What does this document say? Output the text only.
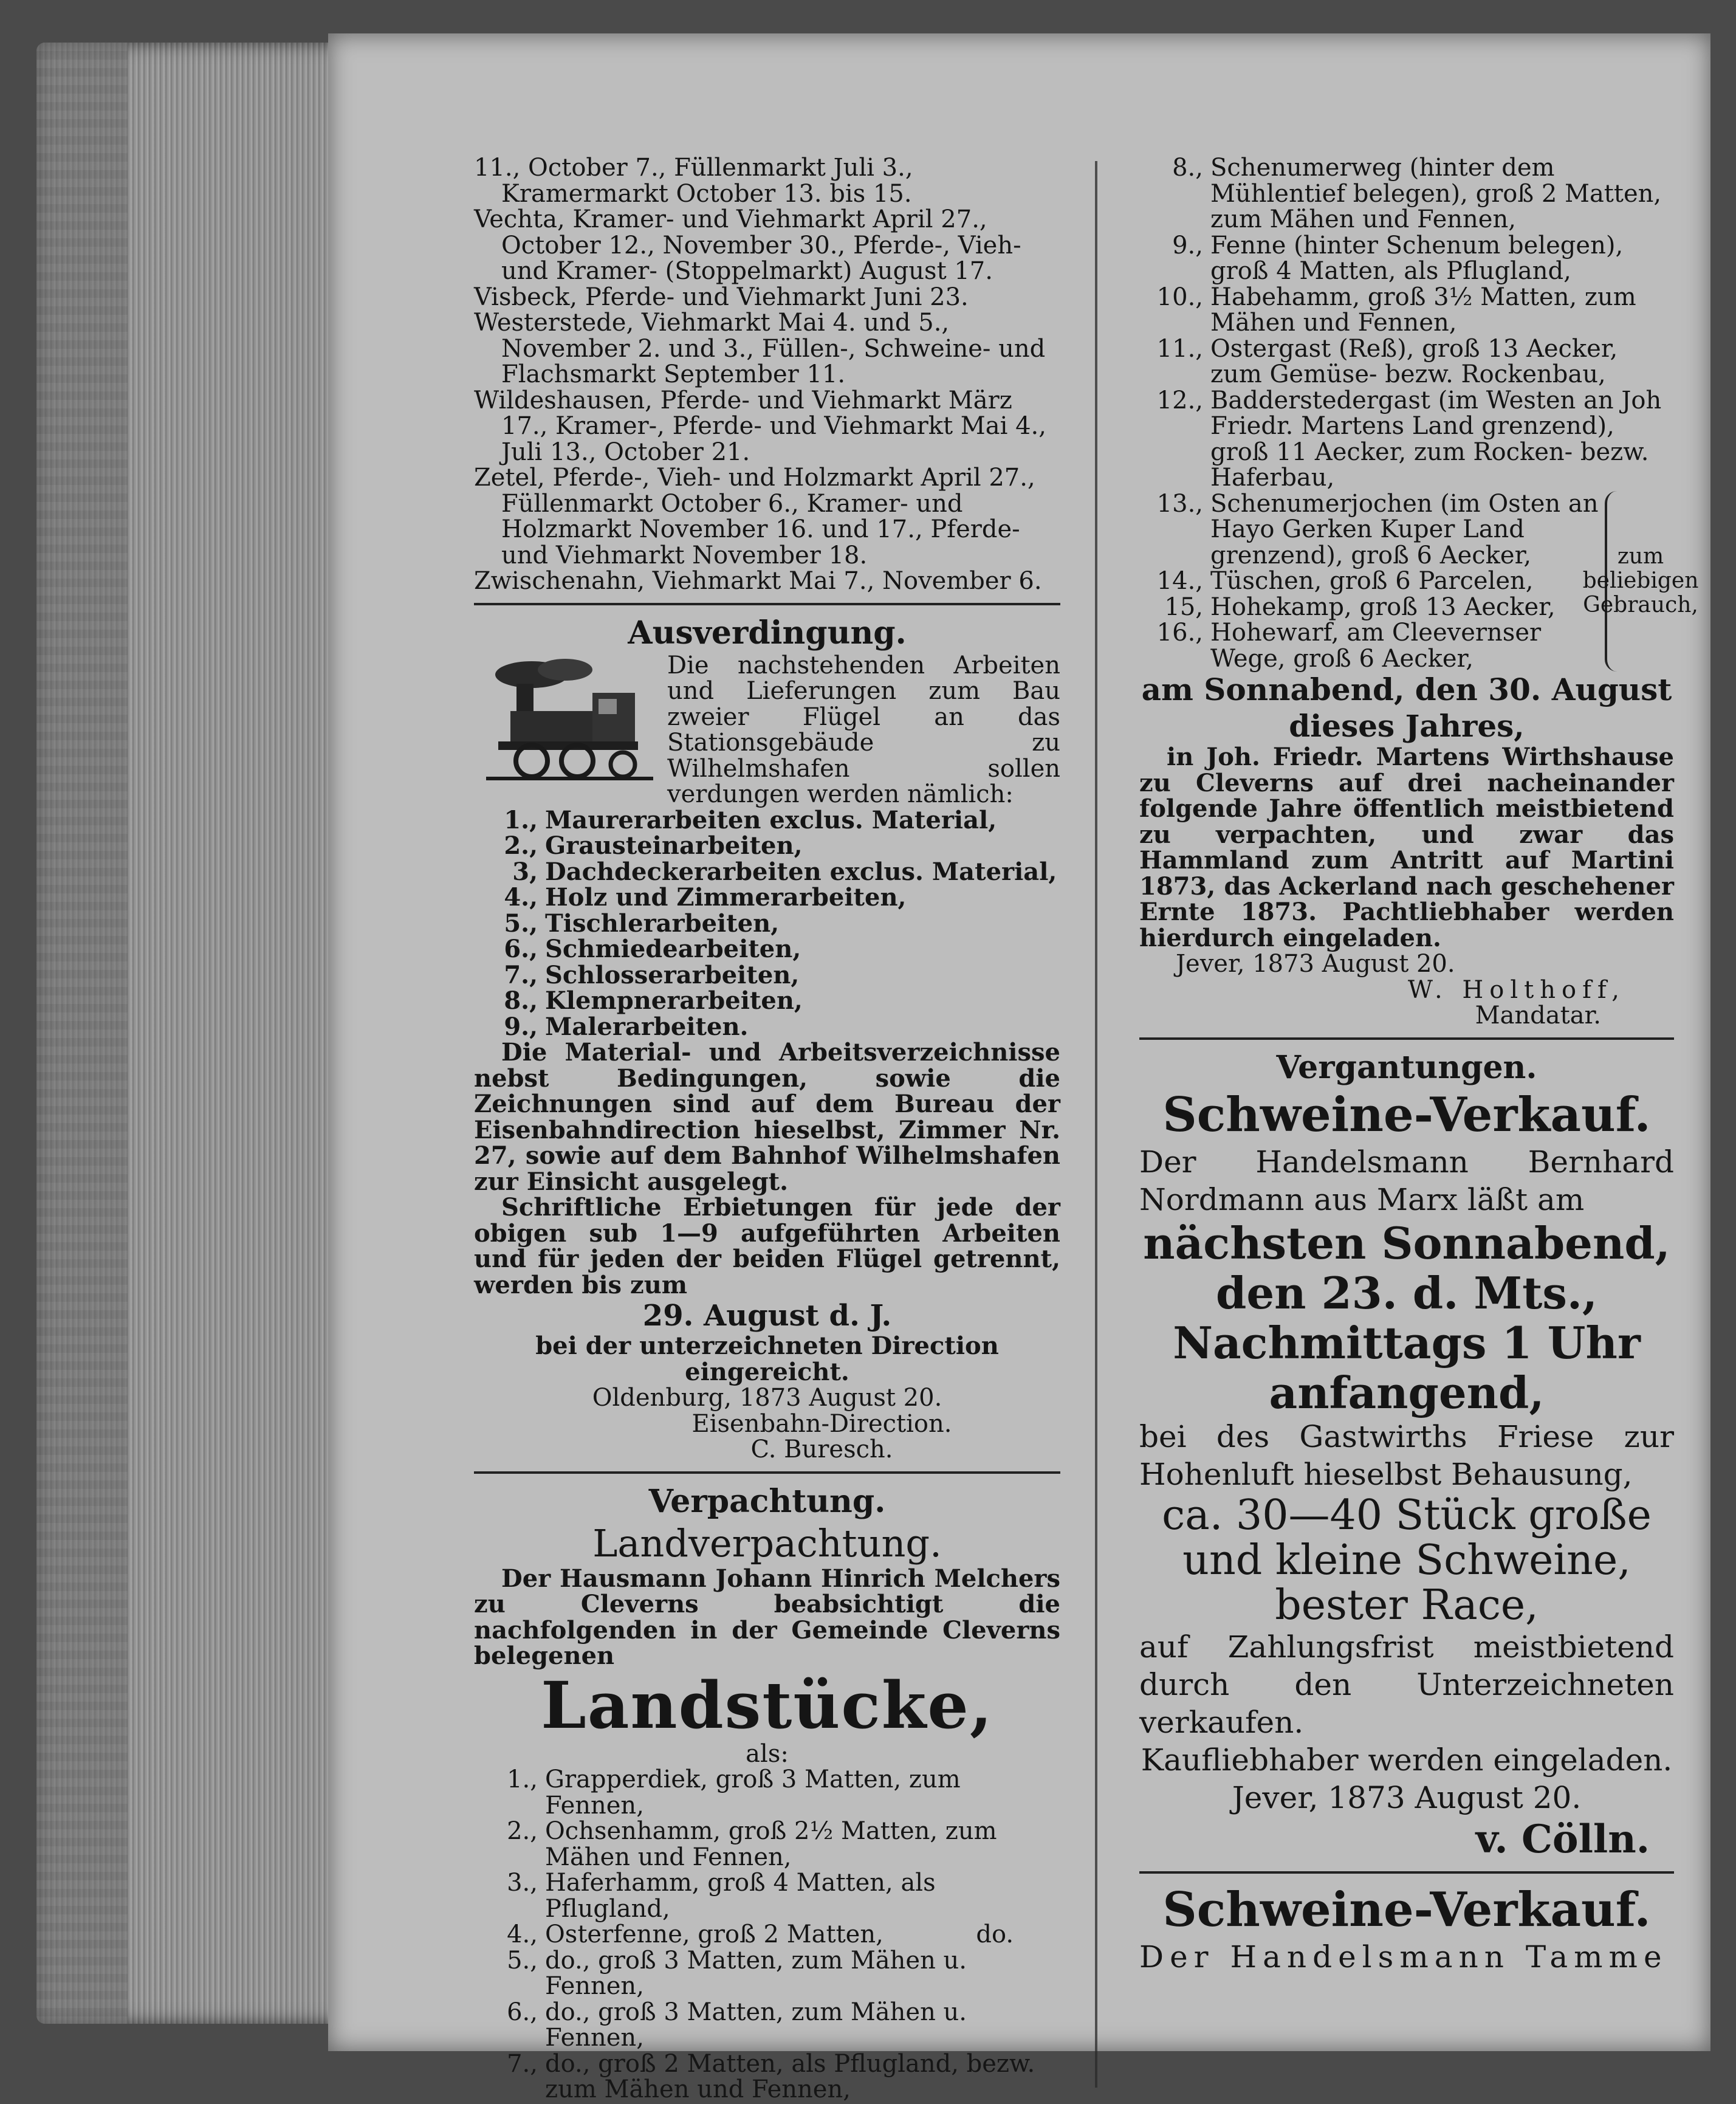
11., October 7., Füllenmarkt Juli 3., Kramermarkt October 13. bis 15.

Vechta, Kramer- und Viehmarkt April 27., October 12., November 30., Pferde-, Vieh- und Kramer- (Stoppelmarkt) August 17.

Visbeck, Pferde- und Viehmarkt Juni 23.

Westerstede, Viehmarkt Mai 4. und 5., November 2. und 3., Füllen-, Schweine- und Flachsmarkt September 11.

Wildeshausen, Pferde- und Viehmarkt März 17., Kramer-, Pferde- und Viehmarkt Mai 4., Juli 13., October 21.

Zetel, Pferde-, Vieh- und Holzmarkt April 27., Füllenmarkt October 6., Kramer- und Holzmarkt November 16. und 17., Pferde- und Viehmarkt November 18.

Zwischenahn, Viehmarkt Mai 7., November 6.

Ausverdingung.

Die nachstehenden Arbeiten und Lieferungen zum Bau zweier Flügel an das Stationsgebäude zu Wilhelmshafen sollen verdungen werden nämlich:

1., Maurerarbeiten exclus. Material,
2., Grausteinarbeiten,
3, Dachdeckerarbeiten exclus. Material,
4., Holz und Zimmerarbeiten,
5., Tischlerarbeiten,
6., Schmiedearbeiten,
7., Schlosserarbeiten,
8., Klempnerarbeiten,
9., Malerarbeiten.

Die Material- und Arbeitsverzeichnisse nebst Bedingungen, sowie die Zeichnungen sind auf dem Bureau der Eisenbahndirection hieselbst, Zimmer Nr. 27, sowie auf dem Bahnhof Wilhelmshafen zur Einsicht ausgelegt.

Schriftliche Erbietungen für jede der obigen sub 1—9 aufgeführten Arbeiten und für jeden der beiden Flügel getrennt, werden bis zum

29. August d. J.

bei der unterzeichneten Direction eingereicht.

Oldenburg, 1873 August 20.

Eisenbahn-Direction.

C. Buresch.

Verpachtung.

Landverpachtung.

Der Hausmann Johann Hinrich Melchers zu Cleverns beabsichtigt die nachfolgenden in der Gemeinde Cleverns belegenen

Landstücke,

als:

1., Grapperdiek, groß 3 Matten, zum Fennen,
2., Ochsenhamm, groß 2½ Matten, zum Mähen und Fennen,
3., Haferhamm, groß 4 Matten, als Pflugland,
4., Osterfenne, groß 2 Matten,            do.
5., do., groß 3 Matten, zum Mähen u. Fennen,
6., do., groß 3 Matten, zum Mähen u. Fennen,
7., do., groß 2 Matten, als Pflugland, bezw. zum Mähen und Fennen,
8., Schenumerweg (hinter dem Mühlentief belegen), groß 2 Matten, zum Mähen und Fennen,
9., Fenne (hinter Schenum belegen), groß 4 Matten, als Pflugland,
10., Habehamm, groß 3½ Matten, zum Mähen und Fennen,
11., Ostergast (Reß), groß 13 Aecker, zum Gemüse- bezw. Rockenbau,
12., Badderstedergast (im Westen an Joh Friedr. Martens Land grenzend), groß 11 Aecker, zum Rocken- bezw. Haferbau,
13., Schenumerjochen (im Osten an Hayo Gerken Kuper Land grenzend), groß 6 Aecker,
14., Tüschen, groß 6 Parcelen,
15, Hohekamp, groß 13 Aecker,
16., Hohewarf, am Cleevernser Wege, groß 6 Aecker,
zum beliebigen Gebrauch,

am Sonnabend, den 30. August

dieses Jahres,

in Joh. Friedr. Martens Wirthshause zu Cleverns auf drei nacheinander folgende Jahre öffentlich meistbietend zu verpachten, und zwar das Hammland zum Antritt auf Martini 1873, das Ackerland nach geschehener Ernte 1873. Pachtliebhaber werden hierdurch eingeladen.

Jever, 1873 August 20.

W. Holthoff,

Mandatar.

Vergantungen.

Schweine-Verkauf.

Der Handelsmann Bernhard Nordmann aus Marx läßt am

nächsten Sonnabend,

den 23. d. Mts.,

Nachmittags 1 Uhr

anfangend,

bei des Gastwirths Friese zur Hohenluft hieselbst Behausung,

ca. 30—40 Stück große

und kleine Schweine, bester Race,

auf Zahlungsfrist meistbietend durch den Unterzeichneten verkaufen.

Kaufliebhaber werden eingeladen.

Jever, 1873 August 20.

v. Cölln.

Schweine-Verkauf.

Der Handelsmann Tamme
